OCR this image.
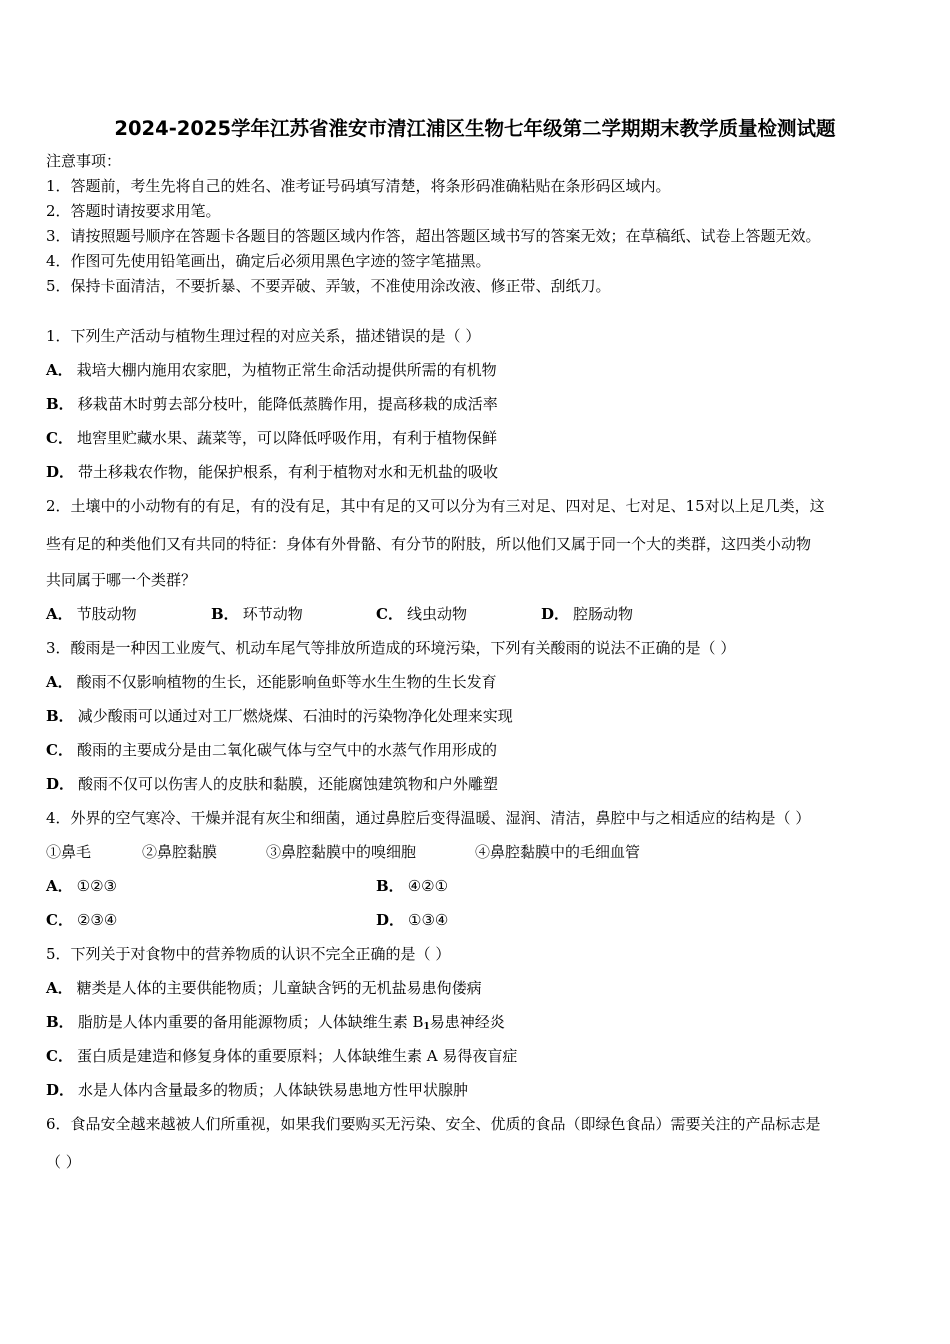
2024-2025学年江苏省淮安市清江浦区生物七年级第二学期期末教学质量检测试题
注意事项：
1．答题前，考生先将自己的姓名、准考证号码填写清楚，将条形码准确粘贴在条形码区域内。
2．答题时请按要求用笔。
3．请按照题号顺序在答题卡各题目的答题区域内作答，超出答题区域书写的答案无效；在草稿纸、试卷上答题无效。
4．作图可先使用铅笔画出，确定后必须用黑色字迹的签字笔描黑。
5．保持卡面清洁，不要折暴、不要弄破、弄皱，不准使用涂改液、修正带、刮纸刀。
1．下列生产活动与植物生理过程的对应关系，描述错误的是（ ）
A． 栽培大棚内施用农家肥，为植物正常生命活动提供所需的有机物
B． 移栽苗木时剪去部分枝叶，能降低蒸腾作用，提高移栽的成活率
C． 地窖里贮藏水果、蔬菜等，可以降低呼吸作用，有利于植物保鲜
D． 带土移栽农作物，能保护根系，有利于植物对水和无机盐的吸收
2．土壤中的小动物有的有足，有的没有足，其中有足的又可以分为有三对足、四对足、七对足、15对以上足几类，这
些有足的种类他们又有共同的特征：身体有外骨骼、有分节的附肢，所以他们又属于同一个大的类群，这四类小动物
共同属于哪一个类群？
A． 节肢动物	B． 环节动物	C． 线虫动物	D． 腔肠动物
3．酸雨是一种因工业废气、机动车尾气等排放所造成的环境污染，下列有关酸雨的说法不正确的是（ ）
A． 酸雨不仅影响植物的生长，还能影响鱼虾等水生生物的生长发育
B． 减少酸雨可以通过对工厂燃烧煤、石油时的污染物净化处理来实现
C． 酸雨的主要成分是由二氧化碳气体与空气中的水蒸气作用形成的
D． 酸雨不仅可以伤害人的皮肤和黏膜，还能腐蚀建筑物和户外雕塑
4．外界的空气寒冷、干燥并混有灰尘和细菌，通过鼻腔后变得温暖、湿润、清洁，鼻腔中与之相适应的结构是（ ）
①鼻毛	②鼻腔黏膜	③鼻腔黏膜中的嗅细胞	④鼻腔黏膜中的毛细血管
A． ①②③	B． ④②①
C． ②③④	D． ①③④
5．下列关于对食物中的营养物质的认识不完全正确的是（ ）
A． 糖类是人体的主要供能物质；儿童缺含钙的无机盐易患佝偻病
B． 脂肪是人体内重要的备用能源物质；人体缺维生素 $B_1$易患神经炎
C． 蛋白质是建造和修复身体的重要原料；人体缺维生素 A 易得夜盲症
D． 水是人体内含量最多的物质；人体缺铁易患地方性甲状腺肿
6．食品安全越来越被人们所重视，如果我们要购买无污染、安全、优质的食品（即绿色食品）需要关注的产品标志是
（ ）
